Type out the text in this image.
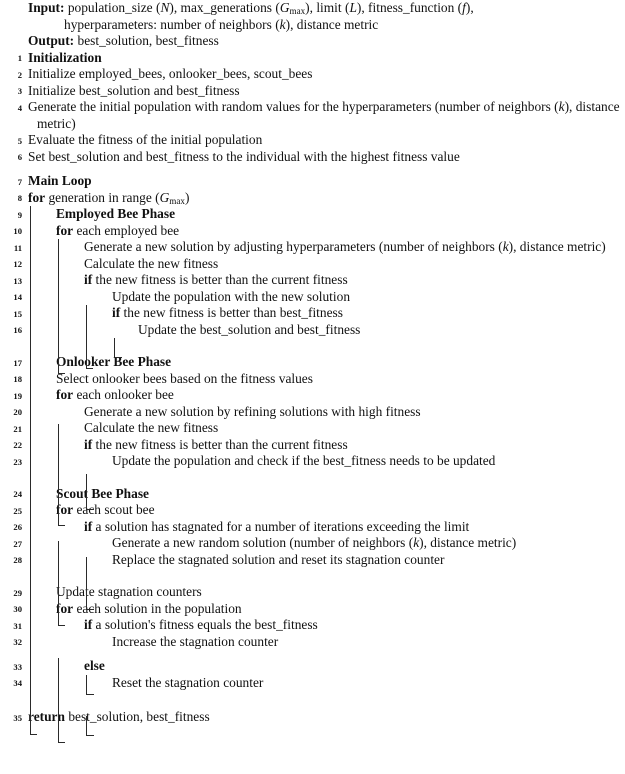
Input: population_size (N), max_generations $(G_{max})$, limit (L), fitness_function (f),
hyperparameters: number of neighbors (k), distance metric
Output: best_solution, best_fitness
1 Initialization
2 Initialize employed_bees, onlooker_bees, scout_bees
3 Initialize best_solution and best_fitness
4 Generate the initial population with random values for the hyperparameters (number of neighbors (k), distance metric)
5 Evaluate the fitness of the initial population
6 Set best_solution and best_fitness to the individual with the highest fitness value
7 Main Loop
8 for generation in range $(G_{max})$
9	Employed Bee Phase
10	for each employed bee
11	Generate a new solution by adjusting hyperparameters (number of neighbors (k), distance metric)
12	Calculate the new fitness
13	if the new fitness is better than the current fitness
14	Update the population with the new solution
15	if the new fitness is better than best_fitness
16	Update the best_solution and best_fitness
17	Onlooker Bee Phase
18	Select onlooker bees based on the fitness values
19	for each onlooker bee
20	Generate a new solution by refining solutions with high fitness
21	Calculate the new fitness
22	if the new fitness is better than the current fitness
23	Update the population and check if the best_fitness needs to be updated
24	Scout Bee Phase
25	for each scout bee
26	if a solution has stagnated for a number of iterations exceeding the limit
27	Generate a new random solution (number of neighbors (k), distance metric)
28	Replace the stagnated solution and reset its stagnation counter
29	Update stagnation counters
30	for each solution in the population
31	if a solution's fitness equals the best_fitness
32	Increase the stagnation counter
33	else
34	Reset the stagnation counter
35 return best_solution, best_fitness
